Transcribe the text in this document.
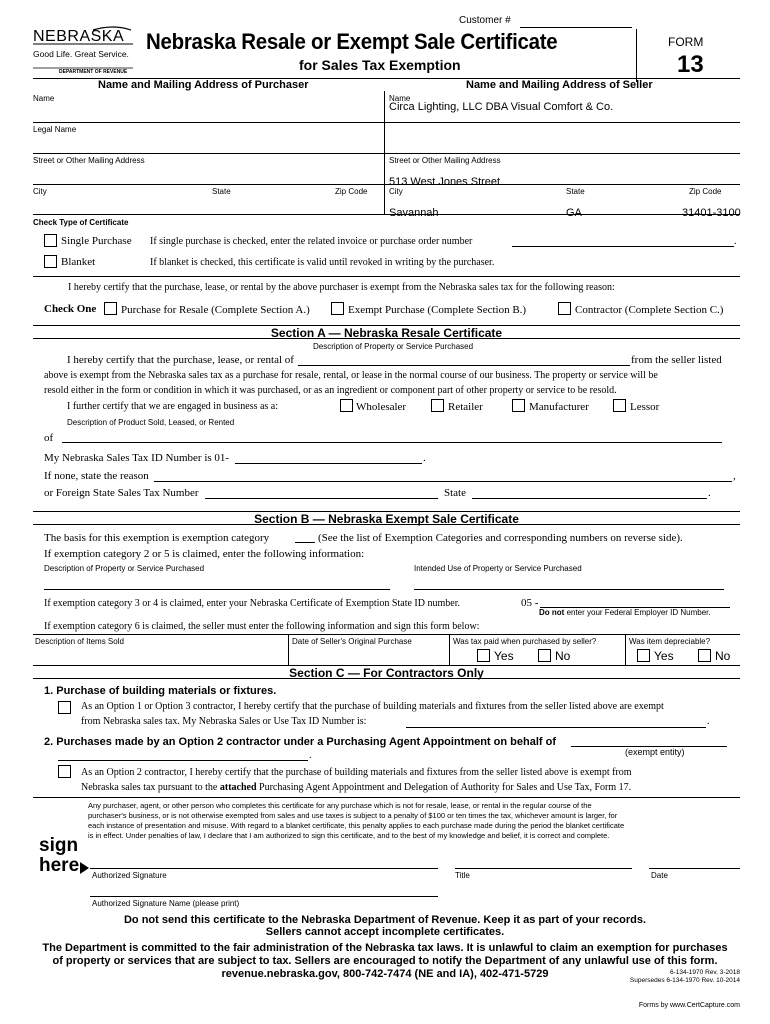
Customer #
NEBRASKA
Good Life. Great Service.
DEPARTMENT OF REVENUE
Nebraska Resale or Exempt Sale Certificate
for Sales Tax Exemption
FORM
13
Name and Mailing Address of Purchaser	Name and Mailing Address of Seller
Name
Legal Name
Street or Other Mailing Address
City	State	Zip Code
Name
Circa Lighting, LLC DBA Visual Comfort & Co.
Street or Other Mailing Address
513 West Jones Street
City	State	Zip Code
Savannah	GA	31401-3100
Check Type of Certificate
Single Purchase If single purchase is checked, enter the related invoice or purchase order number	.
Blanket	If blanket is checked, this certificate is valid until revoked in writing by the purchaser.
I hereby certify that the purchase, lease, or rental by the above purchaser is exempt from the Nebraska sales tax for the following reason:
Check One Purchase for Resale (Complete Section A.)	Exempt Purchase (Complete Section B.)	Contractor (Complete Section C.)
Section A — Nebraska Resale Certificate
Description of Property or Service Purchased
I hereby certify that the purchase, lease, or rental of	from the seller listed
above is exempt from the Nebraska sales tax as a purchase for resale, rental, or lease in the normal course of our business. The property or service will be
resold either in the form or condition in which it was purchased, or as an ingredient or component part of other property or service to be resold.
I further certify that we are engaged in business as a:	Wholesaler	Retailer	Manufacturer	Lessor
Description of Product Sold, Leased, or Rented
of
My Nebraska Sales Tax ID Number is 01-	.
If none, state the reason	,
or Foreign State Sales Tax Number	State	.
Section B — Nebraska Exempt Sale Certificate
The basis for this exemption is exemption category	(See the list of Exemption Categories and corresponding numbers on reverse side).
If exemption category 2 or 5 is claimed, enter the following information:
Description of Property or Service Purchased	Intended Use of Property or Service Purchased
If exemption category 3 or 4 is claimed, enter your Nebraska Certificate of Exemption State ID number.	05 -
Do not enter your Federal Employer ID Number.
If exemption category 6 is claimed, the seller must enter the following information and sign this form below:
Description of Items Sold	Date of Seller's Original Purchase	Was tax paid when purchased by seller?	Was item depreciable?
Yes	No	Yes	No
Section C — For Contractors Only
1. Purchase of building materials or fixtures.
As an Option 1 or Option 3 contractor, I hereby certify that the purchase of building materials and fixtures from the seller listed above are exempt
from Nebraska sales tax. My Nebraska Sales or Use Tax ID Number is:	.
2. Purchases made by an Option 2 contractor under a Purchasing Agent Appointment on behalf of
(exempt entity)
.
As an Option 2 contractor, I hereby certify that the purchase of building materials and fixtures from the seller listed above is exempt from
Nebraska sales tax pursuant to the attached Purchasing Agent Appointment and Delegation of Authority for Sales and Use Tax, Form 17.
Any purchaser, agent, or other person who completes this certificate for any purchase which is not for resale, lease, or rental in the regular course of the
purchaser's business, or is not otherwise exempted from sales and use taxes is subject to a penalty of $100 or ten times the tax, whichever amount is larger, for
each instance of presentation and misuse. With regard to a blanket certificate, this penalty applies to each purchase made during the period the blanket certificate
is in effect. Under penalties of law, I declare that I am authorized to sign this certificate, and to the best of my knowledge and belief, it is correct and complete.
sign
here Authorized Signature	Title	Date
Authorized Signature Name (please print)
Do not send this certificate to the Nebraska Department of Revenue. Keep it as part of your records.
Sellers cannot accept incomplete certificates.
The Department is committed to the fair administration of the Nebraska tax laws. It is unlawful to claim an exemption for purchases
of property or services that are subject to tax. Sellers are encouraged to notify the Department of any unlawful use of this form.
revenue.nebraska.gov, 800-742-7474 (NE and IA), 402-471-5729	6-134-1970 Rev. 3-2018
Supersedes 6-134-1970 Rev. 10-2014
Forms by www.CertCapture.com
